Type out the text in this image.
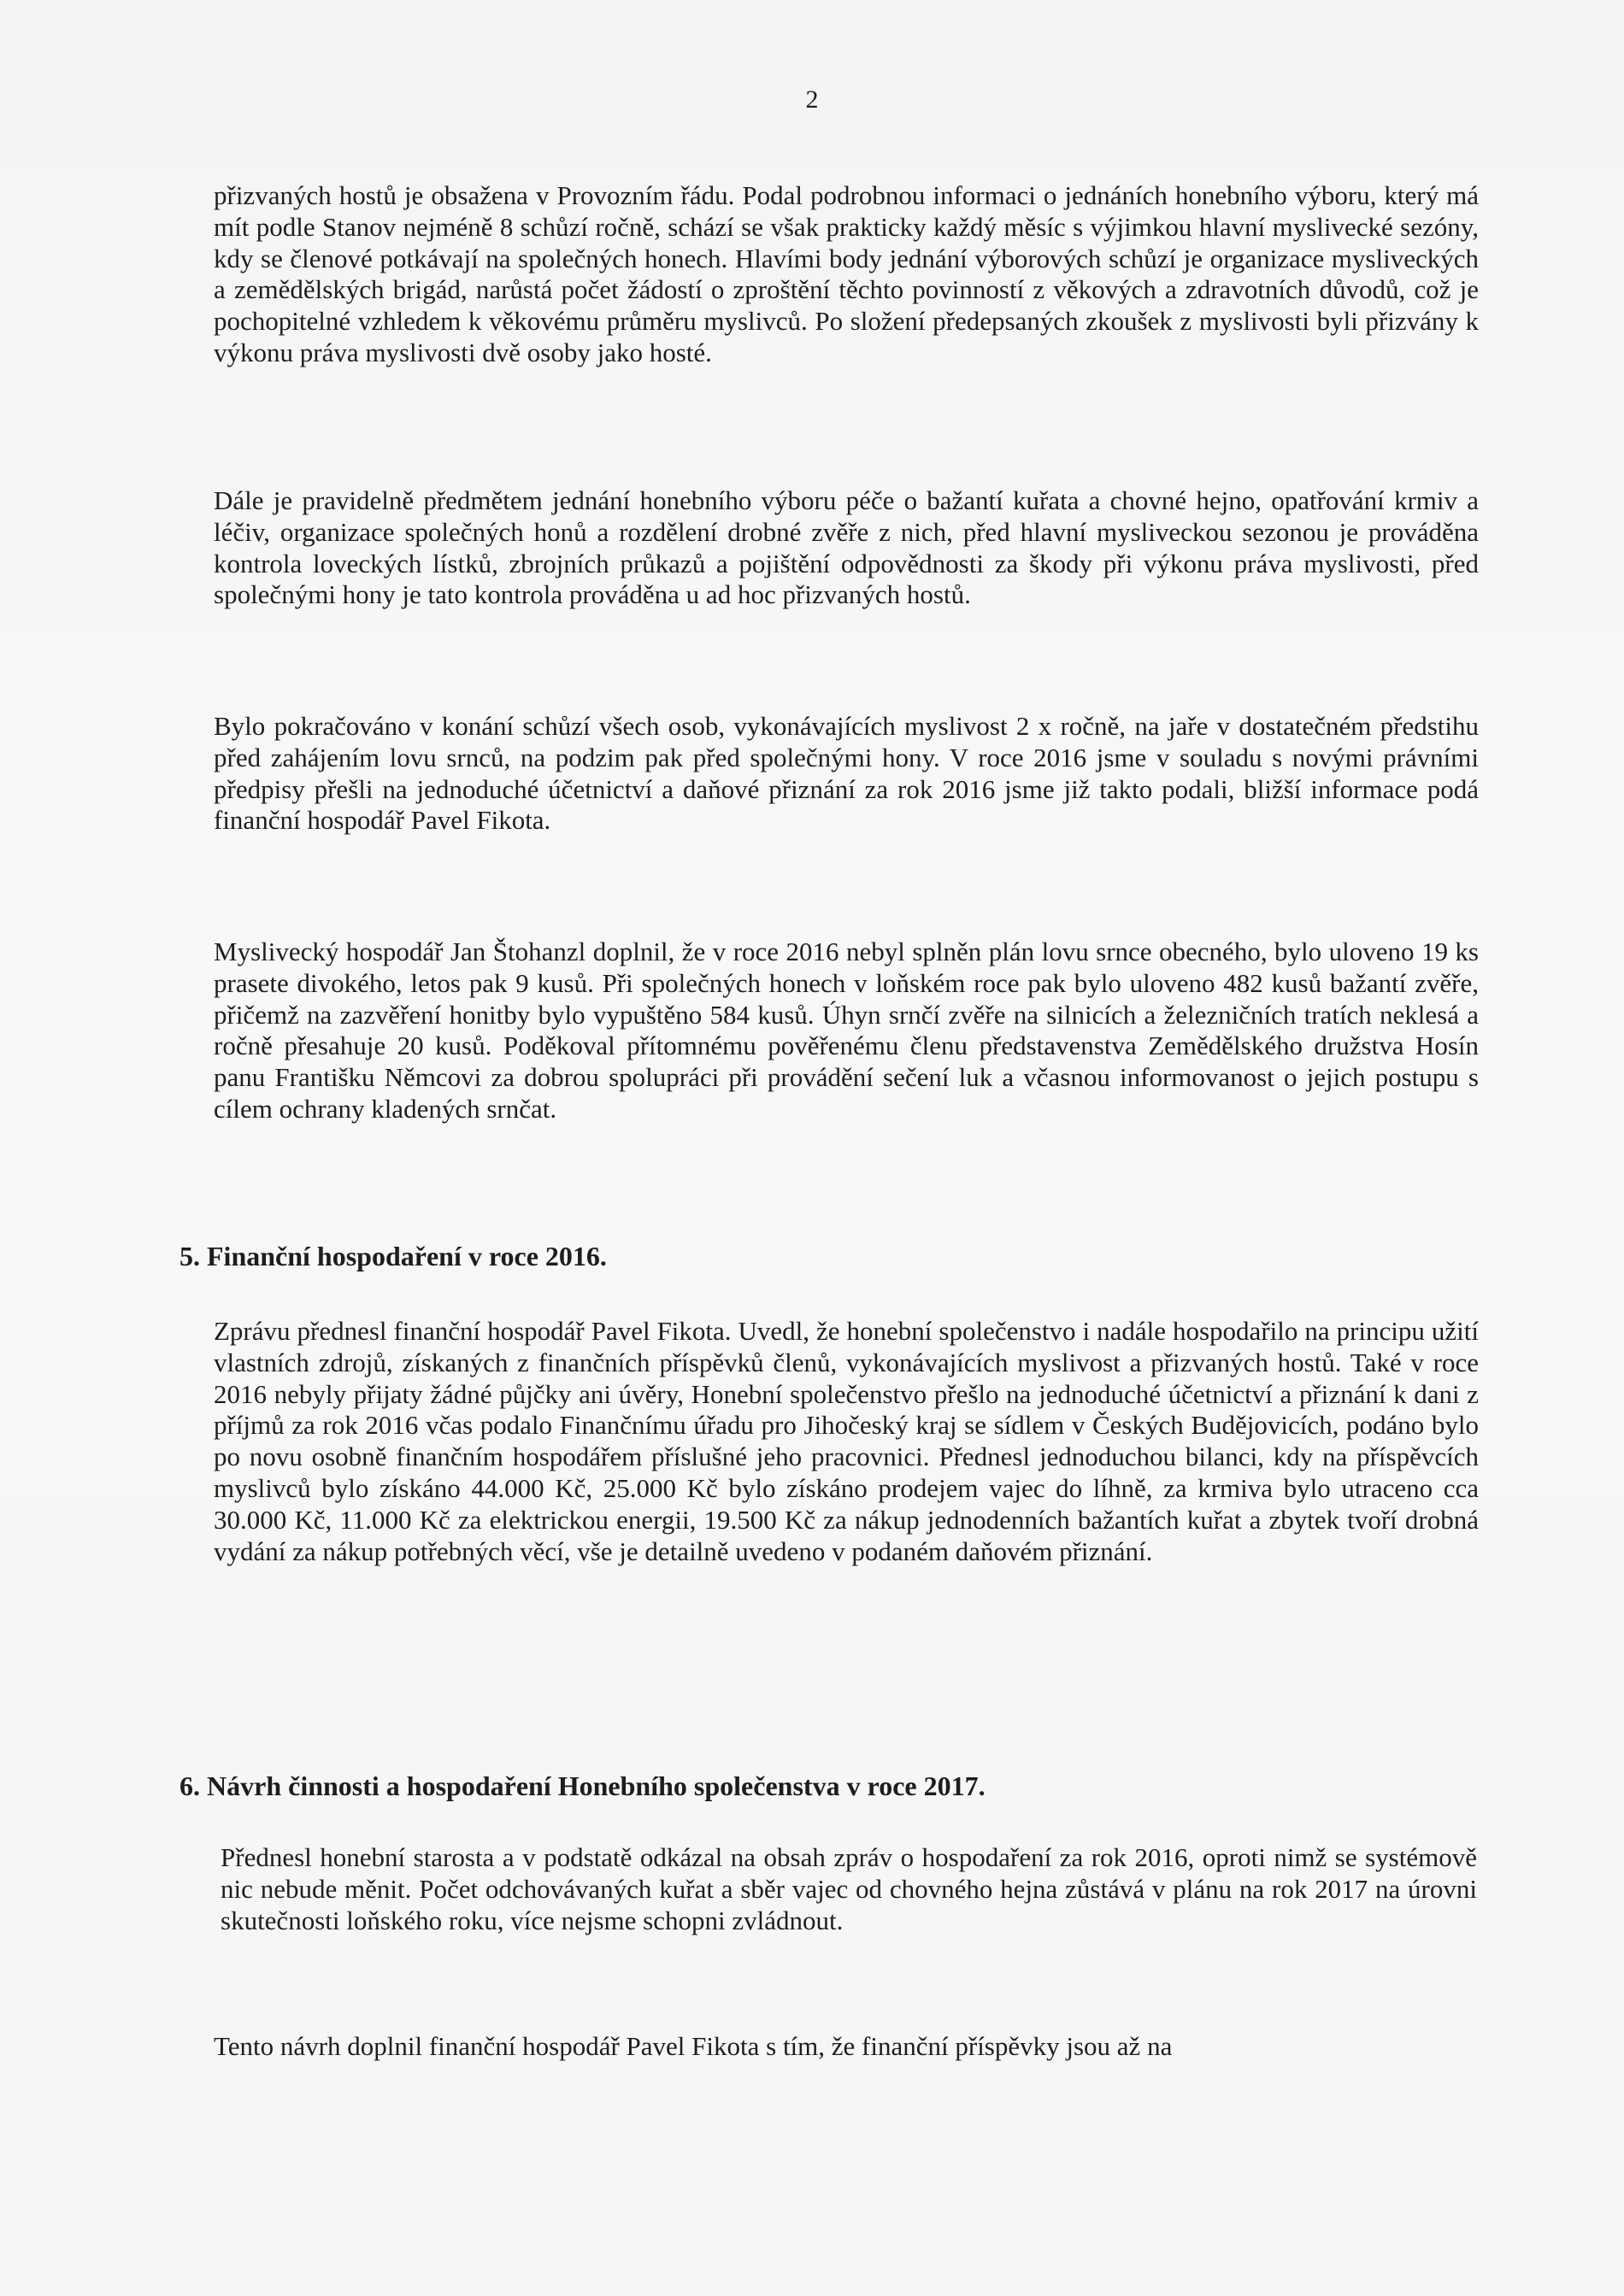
2

přizvaných hostů je obsažena v Provozním řádu. Podal podrobnou informaci o jednáních honebního výboru, který má mít podle Stanov nejméně 8 schůzí ročně, schází se však prakticky každý měsíc s výjimkou hlavní myslivecké sezóny, kdy se členové potkávají na společných honech. Hlavími body jednání výborových schůzí je organizace mysliveckých a zemědělských brigád, narůstá počet žádostí o zproštění těchto povinností z věkových a zdravotních důvodů, což je pochopitelné vzhledem k věkovému průměru myslivců. Po složení předepsaných zkoušek z myslivosti byli přizvány k výkonu práva myslivosti dvě osoby jako hosté.

Dále je pravidelně předmětem jednání honebního výboru péče o bažantí kuřata a chovné hejno, opatřování krmiv a léčiv, organizace společných honů a rozdělení drobné zvěře z nich, před hlavní mysliveckou sezonou je prováděna kontrola loveckých lístků, zbrojních průkazů a pojištění odpovědnosti za škody při výkonu práva myslivosti, před společnými hony je tato kontrola prováděna u ad hoc přizvaných hostů.

Bylo pokračováno v konání schůzí všech osob, vykonávajících myslivost 2 x ročně, na jaře v dostatečném předstihu před zahájením lovu srnců, na podzim pak před společnými hony. V roce 2016 jsme v souladu s novými právními předpisy přešli na jednoduché účetnictví a daňové přiznání za rok 2016 jsme již takto podali, bližší informace podá finanční hospodář Pavel Fikota.

Myslivecký hospodář Jan Štohanzl doplnil, že v roce 2016 nebyl splněn plán lovu srnce obecného, bylo uloveno 19 ks prasete divokého, letos pak 9 kusů. Při společných honech v loňském roce pak bylo uloveno 482 kusů bažantí zvěře, přičemž na zazvěření honitby bylo vypuštěno 584 kusů. Úhyn srnčí zvěře na silnicích a železničních tratích neklesá a ročně přesahuje 20 kusů. Poděkoval přítomnému pověřenému členu představenstva Zemědělského družstva Hosín panu Františku Němcovi za dobrou spolupráci při provádění sečení luk a včasnou informovanost o jejich postupu s cílem ochrany kladených srnčat.

5. Finanční hospodaření v roce 2016.

Zprávu přednesl finanční hospodář Pavel Fikota. Uvedl, že honební společenstvo i nadále hospodařilo na principu užití vlastních zdrojů, získaných z finančních příspěvků členů, vykonávajících myslivost a přizvaných hostů. Také v roce 2016 nebyly přijaty žádné půjčky ani úvěry, Honební společenstvo přešlo na jednoduché účetnictví a přiznání k dani z příjmů za rok 2016 včas podalo Finančnímu úřadu pro Jihočeský kraj se sídlem v Českých Budějovicích, podáno bylo po novu osobně finančním hospodářem příslušné jeho pracovnici. Přednesl jednoduchou bilanci, kdy na příspěvcích myslivců bylo získáno 44.000 Kč, 25.000 Kč bylo získáno prodejem vajec do líhně, za krmiva bylo utraceno cca 30.000 Kč, 11.000 Kč za elektrickou energii, 19.500 Kč za nákup jednodenních bažantích kuřat a zbytek tvoří drobná vydání za nákup potřebných věcí, vše je detailně uvedeno v podaném daňovém přiznání.

6. Návrh činnosti a hospodaření Honebního společenstva v roce 2017.

Přednesl honební starosta a v podstatě odkázal na obsah zpráv o hospodaření za rok 2016, oproti nimž se systémově nic nebude měnit. Počet odchovávaných kuřat a sběr vajec od chovného hejna zůstává v plánu na rok 2017 na úrovni skutečnosti loňského roku, více nejsme schopni zvládnout.

Tento návrh doplnil finanční hospodář Pavel Fikota s tím, že finanční příspěvky jsou až na
